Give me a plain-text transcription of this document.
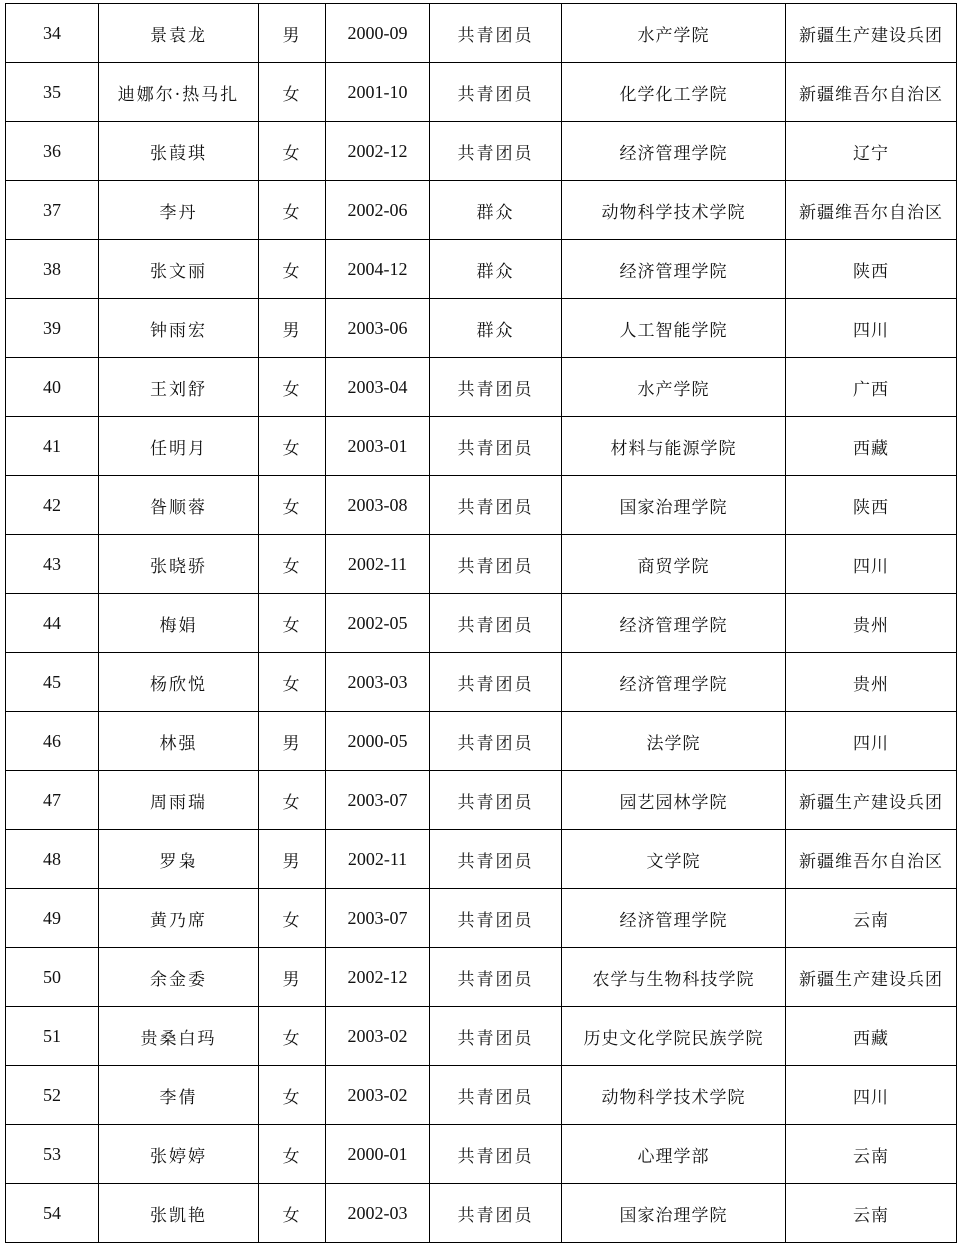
34	景袁龙	男	2000-09	共青团员	水产学院	新疆生产建设兵团
35	迪娜尔·热马扎	女	2001-10	共青团员	化学化工学院	新疆维吾尔自治区
36	张葭琪	女	2002-12	共青团员	经济管理学院	辽宁
37	李丹	女	2002-06	群众	动物科学技术学院	新疆维吾尔自治区
38	张文丽	女	2004-12	群众	经济管理学院	陕西
39	钟雨宏	男	2003-06	群众	人工智能学院	四川
40	王刘舒	女	2003-04	共青团员	水产学院	广西
41	任明月	女	2003-01	共青团员	材料与能源学院	西藏
42	昝顺蓉	女	2003-08	共青团员	国家治理学院	陕西
43	张晓骄	女	2002-11	共青团员	商贸学院	四川
44	梅娟	女	2002-05	共青团员	经济管理学院	贵州
45	杨欣悦	女	2003-03	共青团员	经济管理学院	贵州
46	林强	男	2000-05	共青团员	法学院	四川
47	周雨瑞	女	2003-07	共青团员	园艺园林学院	新疆生产建设兵团
48	罗枭	男	2002-11	共青团员	文学院	新疆维吾尔自治区
49	黄乃席	女	2003-07	共青团员	经济管理学院	云南
50	余金委	男	2002-12	共青团员	农学与生物科技学院	新疆生产建设兵团
51	贵桑白玛	女	2003-02	共青团员	历史文化学院民族学院	西藏
52	李倩	女	2003-02	共青团员	动物科学技术学院	四川
53	张婷婷	女	2000-01	共青团员	心理学部	云南
54	张凯艳	女	2002-03	共青团员	国家治理学院	云南
